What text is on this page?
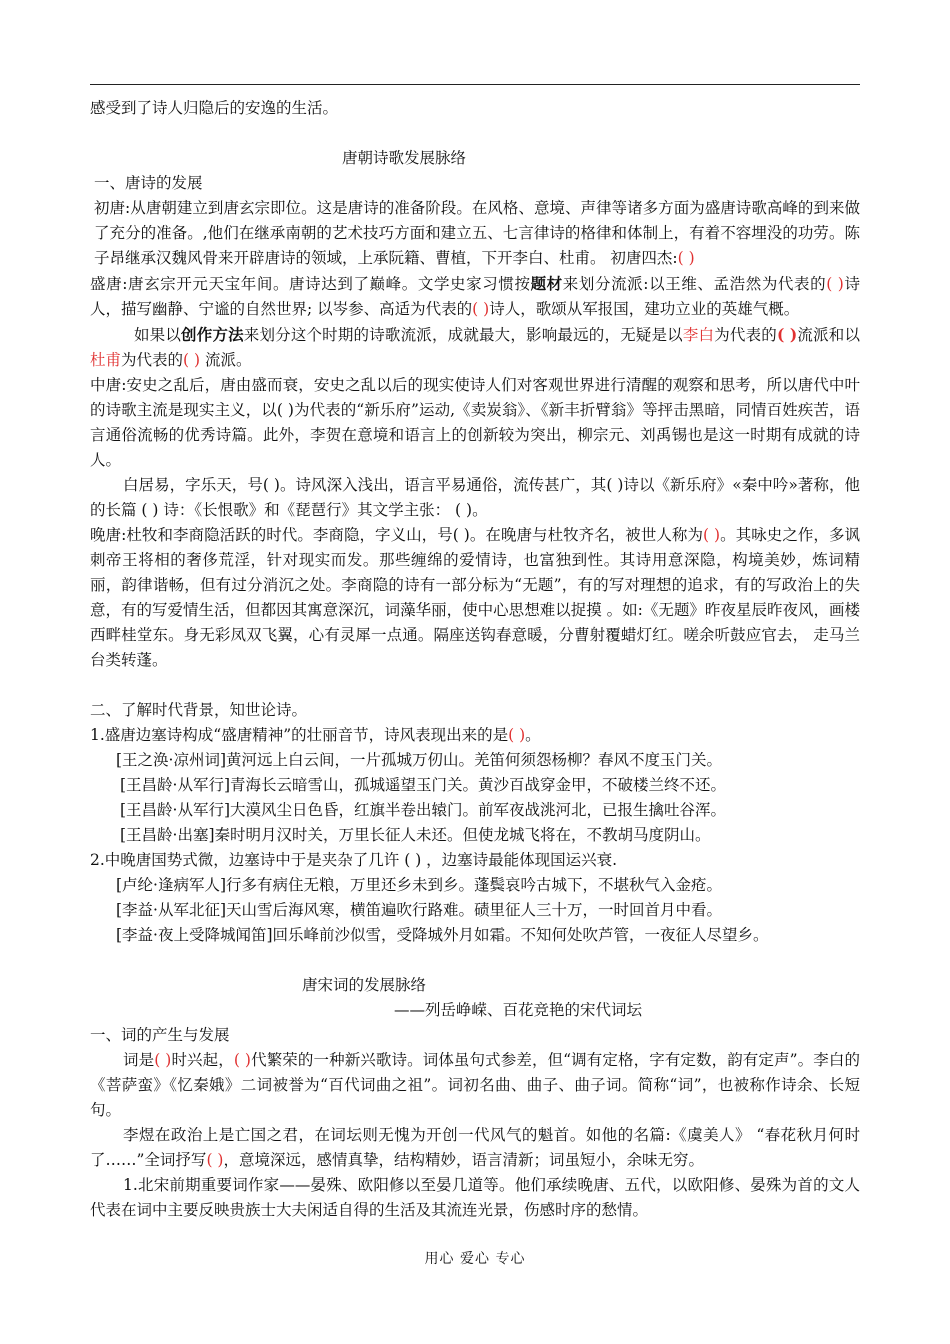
感受到了诗人归隐后的安逸的生活。

唐朝诗歌发展脉络

一、唐诗的发展

初唐:从唐朝建立到唐玄宗即位。这是唐诗的准备阶段。在风格、意境、声律等诸多方面为盛唐诗歌高峰的到来做了充分的准备。,他们在继承南朝的艺术技巧方面和建立五、七言律诗的格律和体制上，有着不容埋没的功劳。陈子昂继承汉魏风骨来开辟唐诗的领域，上承阮籍、曹植，下开李白、杜甫。 初唐四杰:( )

盛唐:唐玄宗开元天宝年间。唐诗达到了巅峰。文学史家习惯按题材来划分流派:以王维、孟浩然为代表的( )诗人，描写幽静、宁谧的自然世界; 以岑参、高适为代表的( )诗人，歌颂从军报国，建功立业的英雄气概。

如果以创作方法来划分这个时期的诗歌流派，成就最大，影响最远的，无疑是以李白为代表的( )流派和以杜甫为代表的( ) 流派。

中唐:安史之乱后，唐由盛而衰，安史之乱以后的现实使诗人们对客观世界进行清醒的观察和思考，所以唐代中叶的诗歌主流是现实主义，以( )为代表的“新乐府”运动,《卖炭翁》、《新丰折臂翁》等抨击黑暗，同情百姓疾苦，语言通俗流畅的优秀诗篇。此外，李贺在意境和语言上的创新较为突出，柳宗元、刘禹锡也是这一时期有成就的诗人。

白居易，字乐天，号( )。诗风深入浅出，语言平易通俗，流传甚广，其( )诗以《新乐府》«秦中吟»著称，他的长篇 ( ) 诗：《长恨歌》和《琵琶行》其文学主张： ( )。

晚唐:杜牧和李商隐活跃的时代。李商隐，字义山，号( )。在晚唐与杜牧齐名，被世人称为( )。其咏史之作，多讽刺帝王将相的奢侈荒淫，针对现实而发。那些缠绵的爱情诗，也富独到性。其诗用意深隐，构境美妙，炼词精丽，韵律谐畅，但有过分消沉之处。李商隐的诗有一部分标为“无题”，有的写对理想的追求，有的写政治上的失意，有的写爱情生活，但都因其寓意深沉，词藻华丽，使中心思想难以捉摸 。如:《无题》昨夜星辰昨夜风，画楼西畔桂堂东。身无彩凤双飞翼，心有灵犀一点通。隔座送钩春意暖，分曹射覆蜡灯红。嗟余听鼓应官去， 走马兰台类转蓬。

二、了解时代背景，知世论诗。

1.盛唐边塞诗构成“盛唐精神”的壮丽音节，诗风表现出来的是( )。

[王之涣·凉州词]黄河远上白云间，一片孤城万仞山。羌笛何须怨杨柳？春风不度玉门关。

[王昌龄·从军行]青海长云暗雪山，孤城遥望玉门关。黄沙百战穿金甲，不破楼兰终不还。

[王昌龄·从军行]大漠风尘日色昏，红旗半卷出辕门。前军夜战洮河北，已报生擒吐谷浑。

[王昌龄·出塞]秦时明月汉时关，万里长征人未还。但使龙城飞将在，不教胡马度阴山。

2.中晚唐国势式微，边塞诗中于是夹杂了几许 ( ) ，边塞诗最能体现国运兴衰.

[卢纶·逢病军人]行多有病住无粮，万里还乡未到乡。蓬鬓哀吟古城下，不堪秋气入金疮。

[李益·从军北征]天山雪后海风寒，横笛遍吹行路难。碛里征人三十万，一时回首月中看。

[李益·夜上受降城闻笛]回乐峰前沙似雪，受降城外月如霜。不知何处吹芦管，一夜征人尽望乡。

唐宋词的发展脉络

——列岳峥嵘、百花竞艳的宋代词坛

一、词的产生与发展

词是( )时兴起，( )代繁荣的一种新兴歌诗。词体虽句式参差，但“调有定格，字有定数，韵有定声”。李白的《菩萨蛮》《忆秦娥》二词被誉为“百代词曲之祖”。词初名曲、曲子、曲子词。简称“词”，也被称作诗余、长短句。

李煜在政治上是亡国之君，在词坛则无愧为开创一代风气的魁首。如他的名篇:《虞美人》 “春花秋月何时了……”全词抒写( )，意境深远，感情真挚，结构精妙，语言清新；词虽短小，余味无穷。

1.北宋前期重要词作家——晏殊、欧阳修以至晏几道等。他们承续晚唐、五代，以欧阳修、晏殊为首的文人代表在词中主要反映贵族士大夫闲适自得的生活及其流连光景，伤感时序的愁情。

用心 爱心 专心
